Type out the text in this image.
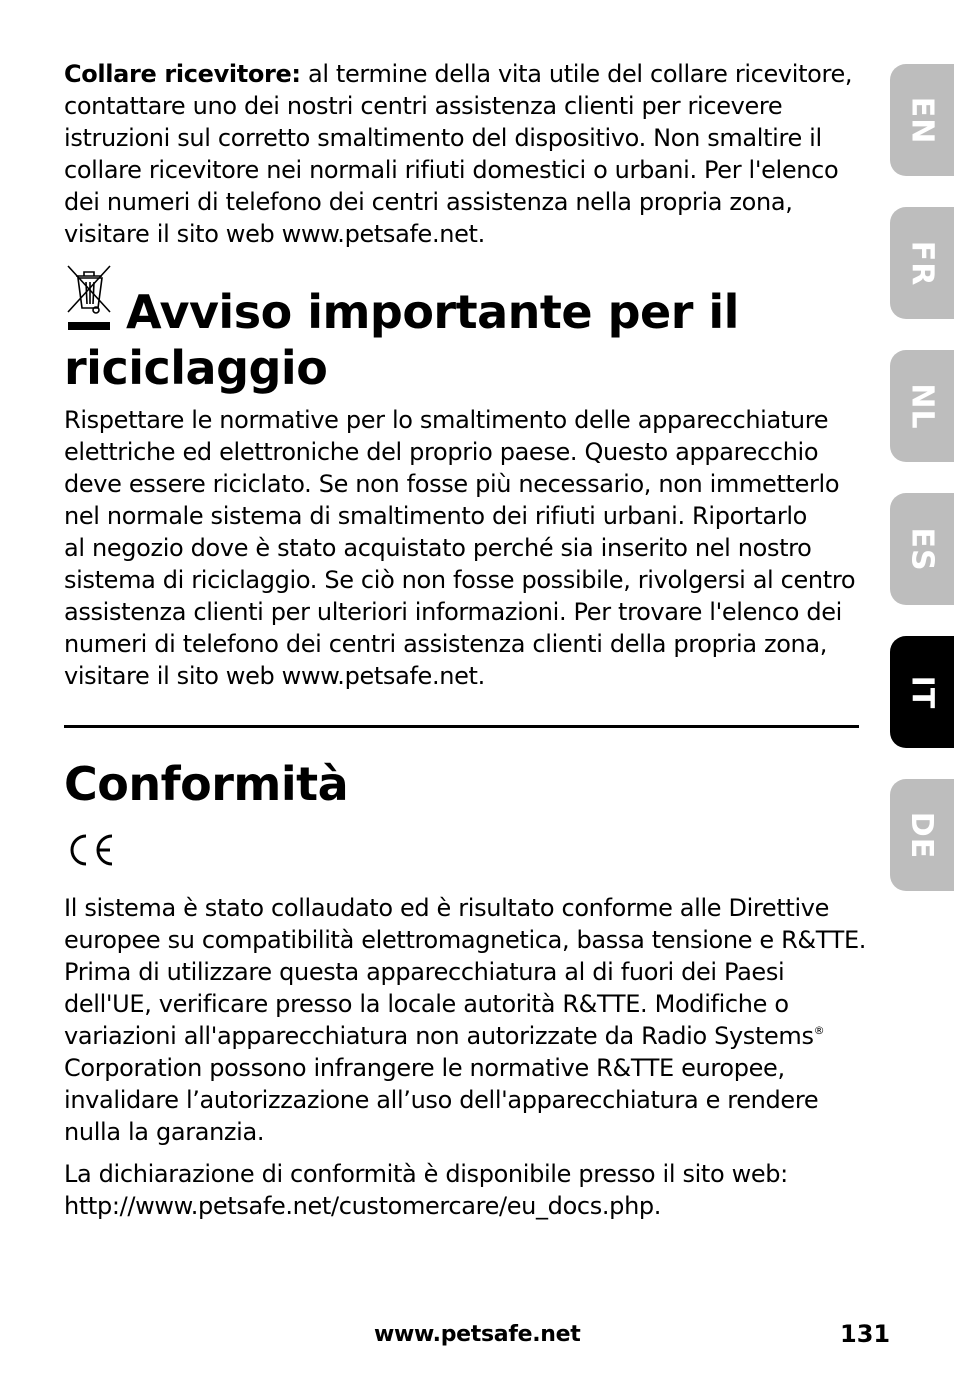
Collare ricevitore: al termine della vita utile del collare ricevitore,
contattare uno dei nostri centri assistenza clienti per ricevere
istruzioni sul corretto smaltimento del dispositivo. Non smaltire il
collare ricevitore nei normali rifiuti domestici o urbani. Per l'elenco
dei numeri di telefono dei centri assistenza nella propria zona,
visitare il sito web www.petsafe.net.

Avviso importante per il
riciclaggio

Rispettare le normative per lo smaltimento delle apparecchiature
elettriche ed elettroniche del proprio paese. Questo apparecchio
deve essere riciclato. Se non fosse più necessario, non immetterlo
nel normale sistema di smaltimento dei rifiuti urbani. Riportarlo
al negozio dove è stato acquistato perché sia inserito nel nostro
sistema di riciclaggio. Se ciò non fosse possibile, rivolgersi al centro
assistenza clienti per ulteriori informazioni. Per trovare l'elenco dei
numeri di telefono dei centri assistenza clienti della propria zona,
visitare il sito web www.petsafe.net.

Conformità

Il sistema è stato collaudato ed è risultato conforme alle Direttive
europee su compatibilità elettromagnetica, bassa tensione e R&TTE.
Prima di utilizzare questa apparecchiatura al di fuori dei Paesi
dell'UE, verificare presso la locale autorità R&TTE. Modifiche o
variazioni all'apparecchiatura non autorizzate da Radio Systems®
Corporation possono infrangere le normative R&TTE europee,
invalidare l’autorizzazione all’uso dell'apparecchiatura e rendere
nulla la garanzia.

La dichiarazione di conformità è disponibile presso il sito web:
http://www.petsafe.net/customercare/eu_docs.php.

EN
FR
NL
ES
IT
DE
www.petsafe.net	131
